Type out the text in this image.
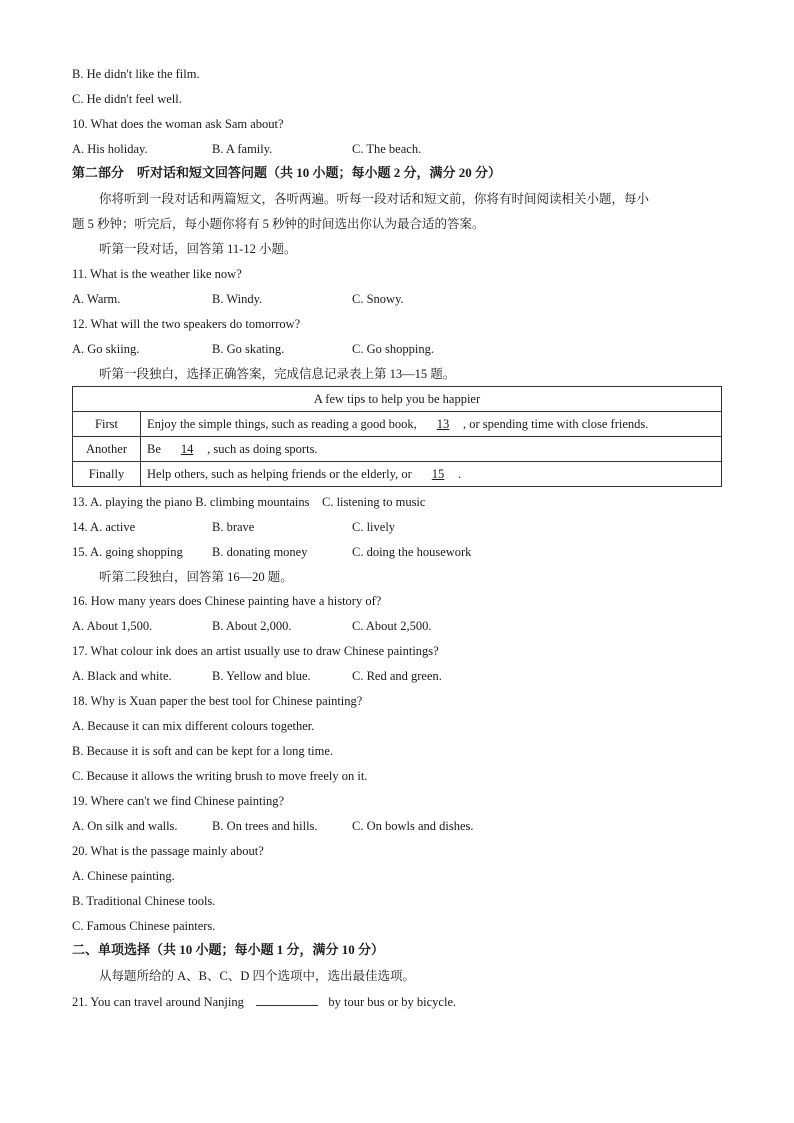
B. He didn't like the film.
C. He didn't feel well.
10. What does the woman ask Sam about?
A. His holiday.	B. A family.	C. The beach.
第二部分　听对话和短文回答问题（共 10 小题；每小题 2 分，满分 20 分）
你将听到一段对话和两篇短文，各听两遍。听每一段对话和短文前，你将有时间阅读相关小题，每小
题 5 秒钟；听完后，每小题你将有 5 秒钟的时间选出你认为最合适的答案。
听第一段对话，回答第 11-12 小题。
11. What is the weather like now?
A. Warm.	B. Windy.	C. Snowy.
12. What will the two speakers do tomorrow?
A. Go skiing.	B. Go skating.	C. Go shopping.
听第一段独白，选择正确答案，完成信息记录表上第 13—15 题。
A few tips to help you be happier	
First	Enjoy the simple things, such as reading a good book, 13 , or spending time with close friends.
Another	Be 14 , such as doing sports.
Finally	Help others, such as helping friends or the elderly, or 15 .
13. A. playing the piano B. climbing mountains　C. listening to music
14. A. active	B. brave	C. lively
15. A. going shopping B. donating money	C. doing the housework
听第二段独白，回答第 16—20 题。
16. How many years does Chinese painting have a history of?
A. About 1,500.	B. About 2,000.	C. About 2,500.
17. What colour ink does an artist usually use to draw Chinese paintings?
A. Black and white.	B. Yellow and blue.	C. Red and green.
18. Why is Xuan paper the best tool for Chinese painting?
A. Because it can mix different colours together.
B. Because it is soft and can be kept for a long time.
C. Because it allows the writing brush to move freely on it.
19. Where can't we find Chinese painting?
A. On silk and walls.	B. On trees and hills.	C. On bowls and dishes.
20. What is the passage mainly about?
A. Chinese painting.
B. Traditional Chinese tools.
C. Famous Chinese painters.
二、单项选择（共 10 小题；每小题 1 分，满分 10 分）
从每题所给的 A、B、C、D 四个选项中，选出最佳选项。
21. You can travel around Nanjing	by tour bus or by bicycle.
